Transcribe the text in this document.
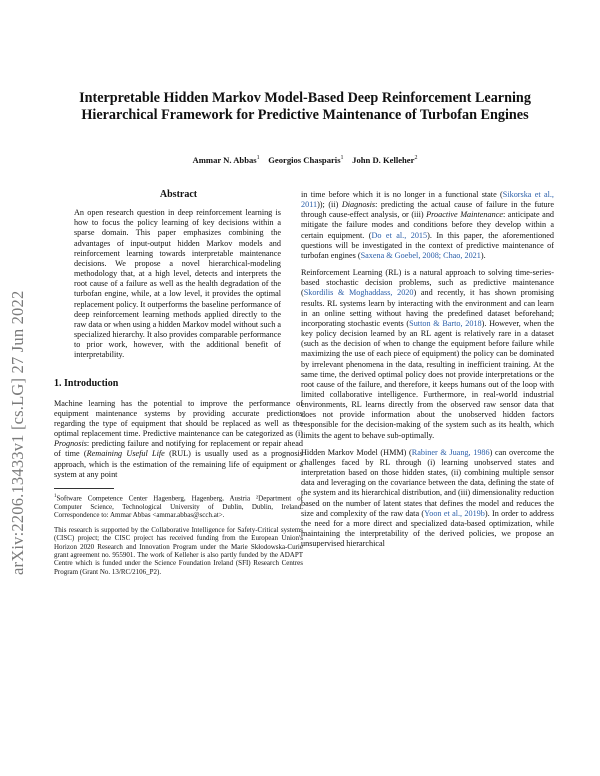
arXiv:2206.13433v1 [cs.LG] 27 Jun 2022
Interpretable Hidden Markov Model-Based Deep Reinforcement Learning
Hierarchical Framework for Predictive Maintenance of Turbofan Engines
Ammar N. Abbas$^1$ Georgios Chasparis$^1$ John D. Kelleher$^2$
Abstract
An open research question in deep reinforcement learning is how to focus the policy learning of key decisions within a sparse domain. This paper emphasizes combining the advantages of input-output hidden Markov models and reinforcement learning towards interpretable maintenance decisions. We propose a novel hierarchical-modeling methodology that, at a high level, detects and interprets the root cause of a failure as well as the health degradation of the turbofan engine, while, at a low level, it provides the optimal replacement policy. It outperforms the baseline performance of deep reinforcement learning methods applied directly to the raw data or when using a hidden Markov model without such a specialized hierarchy. It also provides comparable performance to prior work, however, with the additional benefit of interpretability.
1. Introduction

Machine learning has the potential to improve the performance of equipment maintenance systems by providing accurate predictions regarding the type of equipment that should be replaced as well as the optimal replacement time. Predictive maintenance can be categorized as (i) Prognosis: predicting failure and notifying for replacement or repair ahead of time (Remaining Useful Life (RUL) is usually used as a prognosis approach, which is the estimation of the remaining life of equipment or a system at any point

$^1$Software Competence Center Hagenberg, Hagenberg, Austria ²Department of Computer Science, Technological University of Dublin, Dublin, Ireland. Correspondence to: Ammar Abbas <ammar.abbas@scch.at>.

This research is supported by the Collaborative Intelligence for Safety-Critical systems (CISC) project; the CISC project has received funding from the European Union's Horizon 2020 Research and Innovation Program under the Marie Skłodowska-Curie grant agreement no. 955901. The work of Kelleher is also partly funded by the ADAPT Centre which is funded under the Science Foundation Ireland (SFI) Research Centres Program (Grant No. 13/RC/2106_P2).

in time before which it is no longer in a functional state (Sikorska et al., 2011)); (ii) Diagnosis: predicting the actual cause of failure in the future through cause-effect analysis, or (iii) Proactive Maintenance: anticipate and mitigate the failure modes and conditions before they develop within a certain equipment. (Do et al., 2015). In this paper, the aforementioned questions will be investigated in the context of predictive maintenance of turbofan engines (Saxena & Goebel, 2008; Chao, 2021).

Reinforcement Learning (RL) is a natural approach to solving time-series-based stochastic decision problems, such as predictive maintenance (Skordilis & Moghaddass, 2020) and recently, it has shown promising results. RL systems learn by interacting with the environment and can learn in an online setting without having the predefined dataset beforehand; incorporating stochastic events (Sutton & Barto, 2018). However, when the key policy decision learned by an RL agent is relatively rare in a dataset (such as the decision of when to change the equipment before failure while maximizing the use of each piece of equipment) the policy can be dominated by irrelevant phenomena in the data, resulting in inefficient training. At the same time, the derived optimal policy does not provide interpretations or the root cause of the failure, and therefore, it keeps humans out of the loop with limited collaborative intelligence. Furthermore, in real-world industrial environments, RL learns directly from the observed raw sensor data that does not provide information about the unobserved hidden factors responsible for the decision-making of the system such as its health, which limits the agent to behave sub-optimally.

Hidden Markov Model (HMM) (Rabiner & Juang, 1986) can overcome the challenges faced by RL through (i) learning unobserved states and interpretation based on those hidden states, (ii) combining multiple sensor data and leveraging on the covariance between the data, defining the state of the system and its hierarchical distribution, and (iii) dimensionality reduction based on the number of latent states that defines the model and reduces the size and complexity of the raw data (Yoon et al., 2019b). In order to address the need for a more direct and specialized data-based optimization, while maintaining the interpretability of the derived policies, we propose an unsupervised hierarchical
